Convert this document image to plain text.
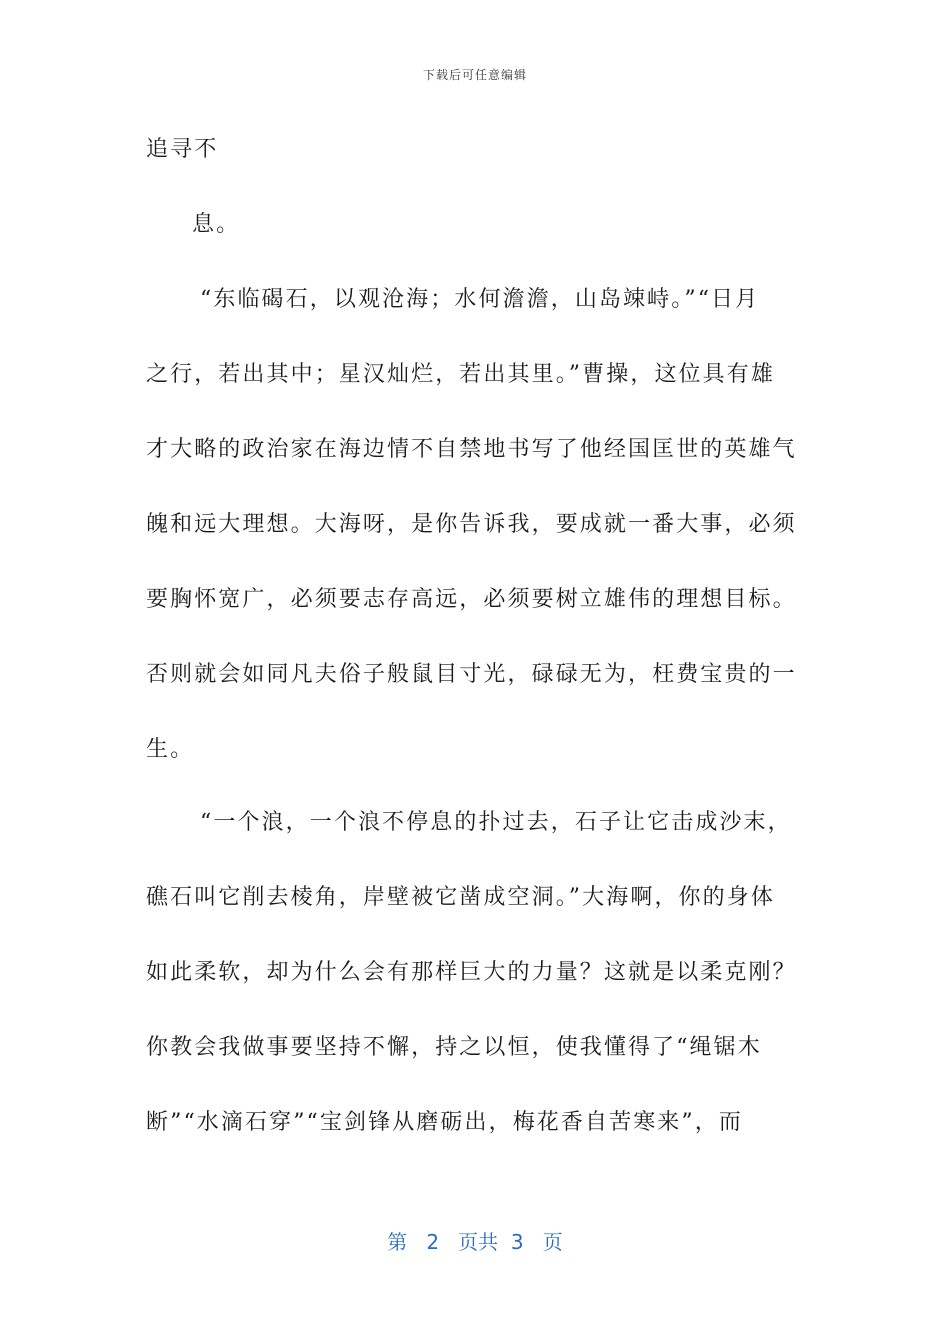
下载后可任意编辑
追寻不
息。
“东临碣石，以观沧海；水何澹澹，山岛竦峙。”“日月
之行，若出其中；星汉灿烂，若出其里。”曹操，这位具有雄
才大略的政治家在海边情不自禁地书写了他经国匡世的英雄气
魄和远大理想。大海呀，是你告诉我，要成就一番大事，必须
要胸怀宽广，必须要志存高远，必须要树立雄伟的理想目标。
否则就会如同凡夫俗子般鼠目寸光，碌碌无为，枉费宝贵的一
生。
“一个浪，一个浪不停息的扑过去，石子让它击成沙末，
礁石叫它削去棱角，岸壁被它凿成空洞。”大海啊，你的身体
如此柔软，却为什么会有那样巨大的力量？这就是以柔克刚？
你教会我做事要坚持不懈，持之以恒，使我懂得了“绳锯木
断”“水滴石穿”“宝剑锋从磨砺出，梅花香自苦寒来”，而
第 2 页共 3 页
